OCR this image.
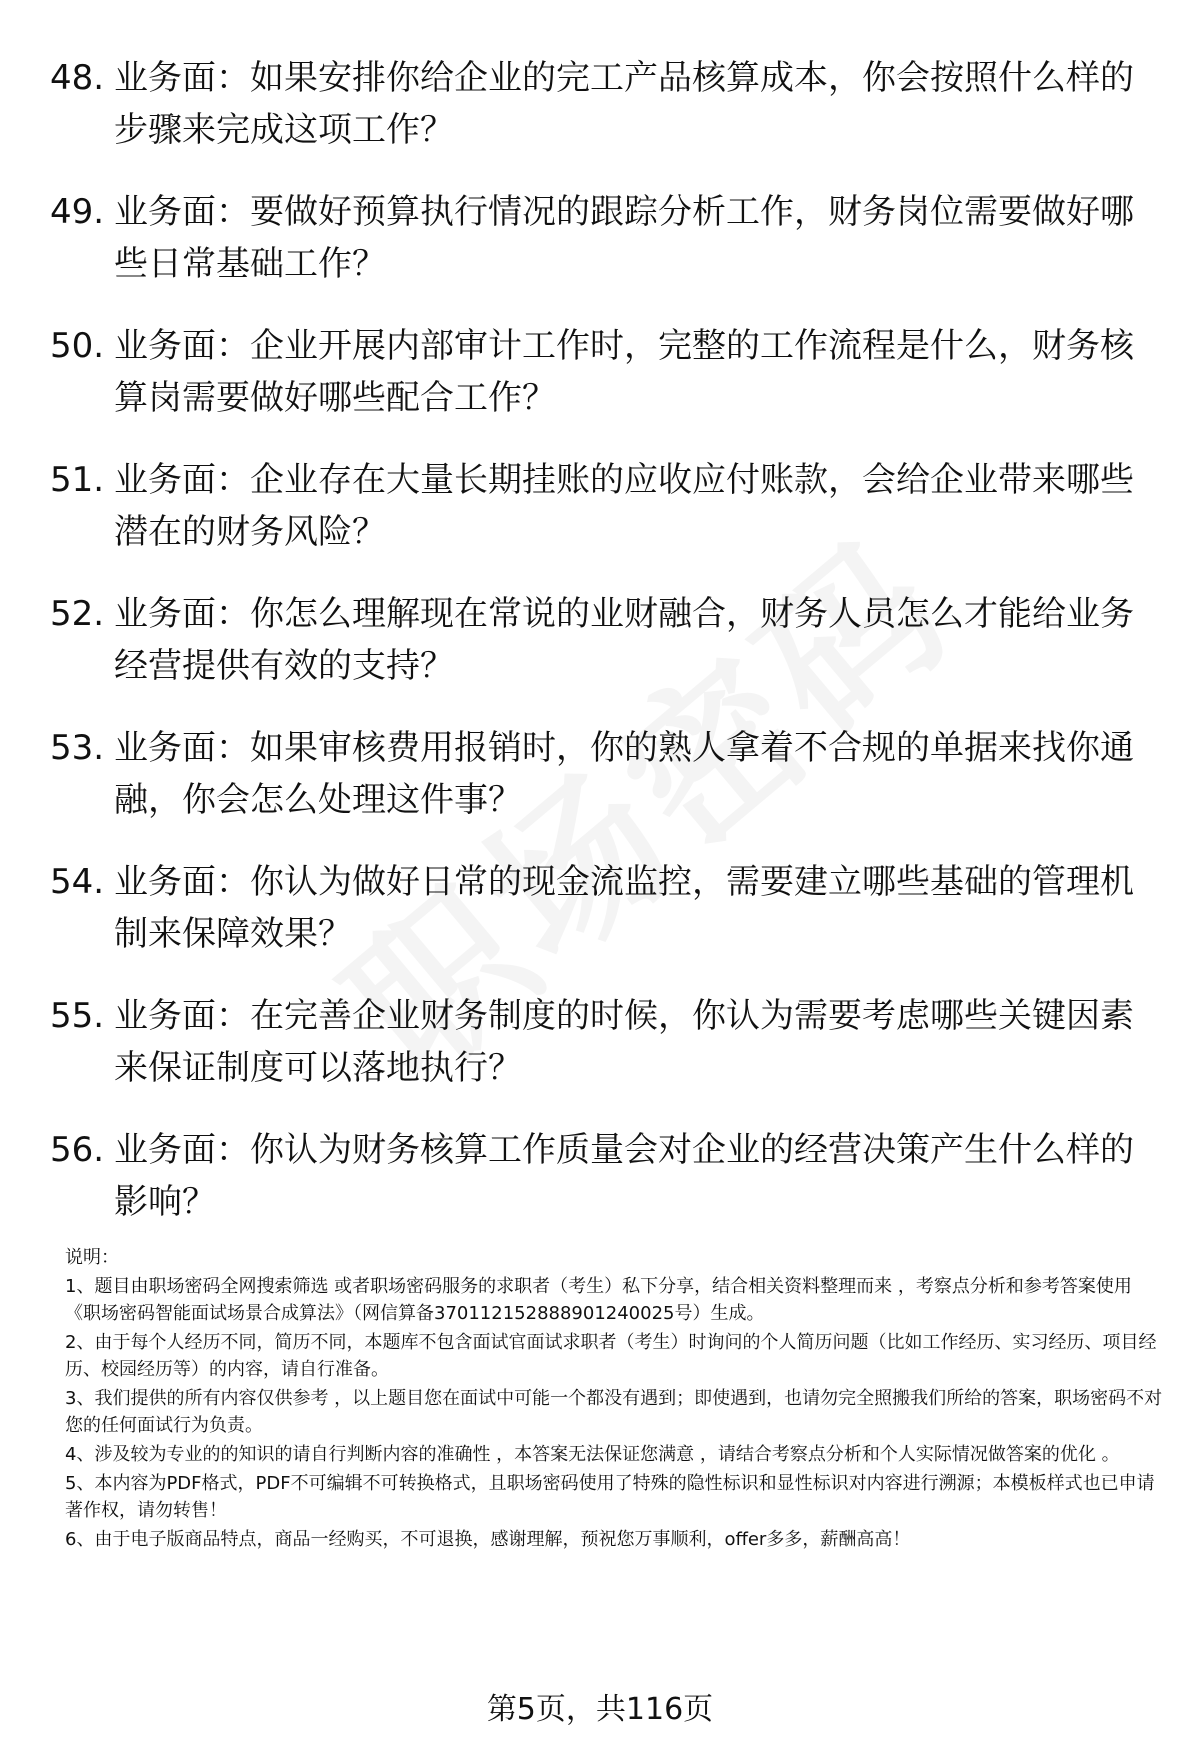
48. 业务面：如果安排你给企业的完工产品核算成本，你会按照什么样的步骤来完成这项工作？
49. 业务面：要做好预算执行情况的跟踪分析工作，财务岗位需要做好哪些日常基础工作？
50. 业务面：企业开展内部审计工作时，完整的工作流程是什么，财务核算岗需要做好哪些配合工作？
51. 业务面：企业存在大量长期挂账的应收应付账款，会给企业带来哪些潜在的财务风险？
52. 业务面：你怎么理解现在常说的业财融合，财务人员怎么才能给业务经营提供有效的支持？
53. 业务面：如果审核费用报销时，你的熟人拿着不合规的单据来找你通融，你会怎么处理这件事？
54. 业务面：你认为做好日常的现金流监控，需要建立哪些基础的管理机制来保障效果？
55. 业务面：在完善企业财务制度的时候，你认为需要考虑哪些关键因素来保证制度可以落地执行？
56. 业务面：你认为财务核算工作质量会对企业的经营决策产生什么样的影响？
说明：

1、题目由职场密码全网搜索筛选 或者职场密码服务的求职者（考生）私下分享，结合相关资料整理而来 ，考察点分析和参考答案使用《职场密码智能面试场景合成算法》（网信算备370112152888901240025号）生成。

2、由于每个人经历不同，简历不同，本题库不包含面试官面试求职者（考生）时询问的个人简历问题（比如工作经历、实习经历、项目经历、校园经历等）的内容，请自行准备。

3、我们提供的所有内容仅供参考 ，以上题目您在面试中可能一个都没有遇到；即使遇到，也请勿完全照搬我们所给的答案，职场密码不对您的任何面试行为负责。

4、涉及较为专业的的知识的请自行判断内容的准确性 ，本答案无法保证您满意 ，请结合考察点分析和个人实际情况做答案的优化 。

5、本内容为PDF格式，PDF不可编辑不可转换格式，且职场密码使用了特殊的隐性标识和显性标识对内容进行溯源；本模板样式也已申请著作权，请勿转售！

6、由于电子版商品特点，商品一经购买，不可退换，感谢理解，预祝您万事顺利，offer多多，薪酬高高！

第5页，共116页
